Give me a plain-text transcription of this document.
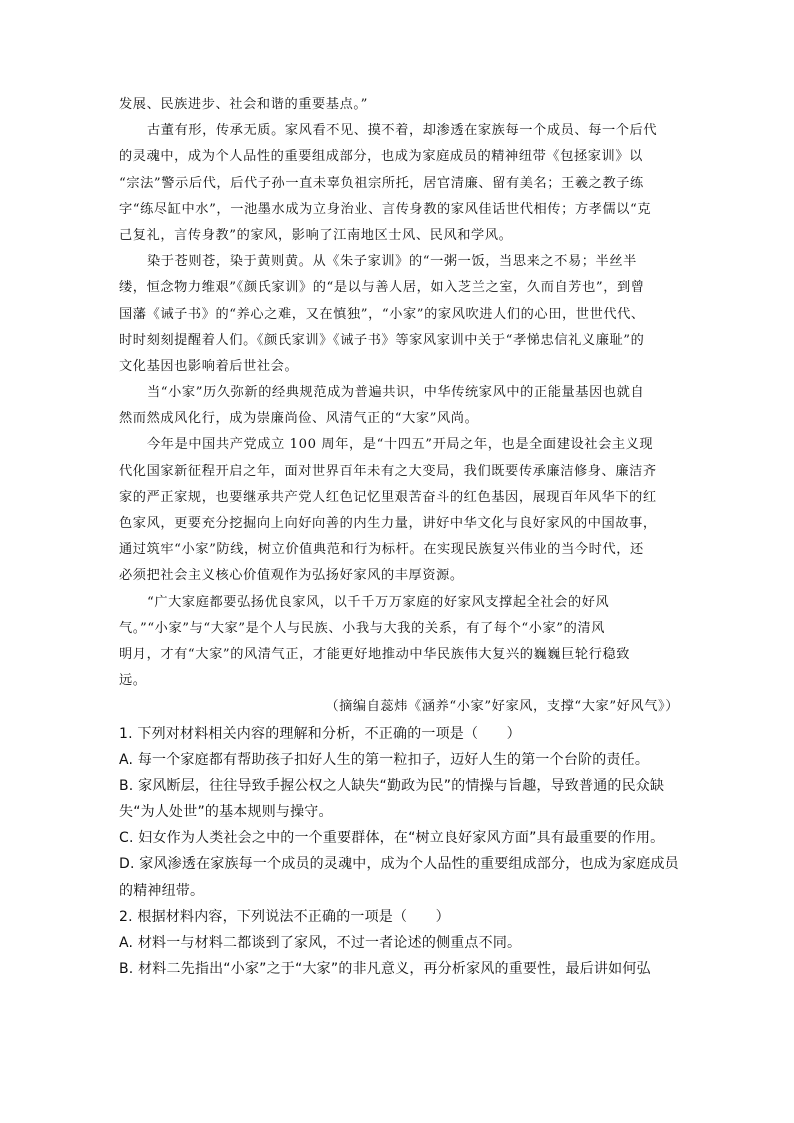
发展、民族进步、社会和谐的重要基点。”
古董有形，传承无质。家风看不见、摸不着，却渗透在家族每一个成员、每一个后代
的灵魂中，成为个人品性的重要组成部分，也成为家庭成员的精神纽带《包拯家训》以
“宗法”警示后代，后代子孙一直未辜负祖宗所托，居官清廉、留有美名；王羲之教子练
字“练尽缸中水”，一池墨水成为立身治业、言传身教的家风佳话世代相传；方孝儒以“克
己复礼，言传身教”的家风，影响了江南地区士风、民风和学风。
染于苍则苍，染于黄则黄。从《朱子家训》的“一粥一饭，当思来之不易；半丝半
缕，恒念物力维艰”《颜氏家训》的“是以与善人居，如入芝兰之室，久而自芳也”，到曾
国藩《诫子书》的“养心之难，又在慎独”，“小家”的家风吹进人们的心田，世世代代、
时时刻刻提醒着人们。《颜氏家训》《诫子书》等家风家训中关于“孝悌忠信礼义廉耻”的
文化基因也影响着后世社会。
当“小家”历久弥新的经典规范成为普遍共识，中华传统家风中的正能量基因也就自
然而然成风化行，成为崇廉尚俭、风清气正的“大家”风尚。
今年是中国共产党成立 100 周年，是“十四五”开局之年，也是全面建设社会主义现
代化国家新征程开启之年，面对世界百年未有之大变局，我们既要传承廉洁修身、廉洁齐
家的严正家规，也要继承共产党人红色记忆里艰苦奋斗的红色基因，展现百年风华下的红
色家风，更要充分挖掘向上向好向善的内生力量，讲好中华文化与良好家风的中国故事，
通过筑牢“小家”防线，树立价值典范和行为标杆。在实现民族复兴伟业的当今时代，还
必须把社会主义核心价值观作为弘扬好家风的丰厚资源。
“广大家庭都要弘扬优良家风，以千千万万家庭的好家风支撑起全社会的好风
气。”“小家”与“大家”是个人与民族、小我与大我的关系，有了每个“小家”的清风
明月，才有“大家”的风清气正，才能更好地推动中华民族伟大复兴的巍巍巨轮行稳致
远。
（摘编自蕊炜《涵养“小家”好家风，支撑“大家”好风气》）
1. 下列对材料相关内容的理解和分析，不正确的一项是（　　）
A. 每一个家庭都有帮助孩子扣好人生的第一粒扣子，迈好人生的第一个台阶的责任。
B. 家风断层，往往导致手握公权之人缺失“勤政为民”的情操与旨趣，导致普通的民众缺
失“为人处世”的基本规则与操守。
C. 妇女作为人类社会之中的一个重要群体，在“树立良好家风方面”具有最重要的作用。
D. 家风渗透在家族每一个成员的灵魂中，成为个人品性的重要组成部分，也成为家庭成员
的精神纽带。
2. 根据材料内容，下列说法不正确的一项是（　　）
A. 材料一与材料二都谈到了家风，不过一者论述的侧重点不同。
B. 材料二先指出“小家”之于“大家”的非凡意义，再分析家风的重要性，最后讲如何弘
